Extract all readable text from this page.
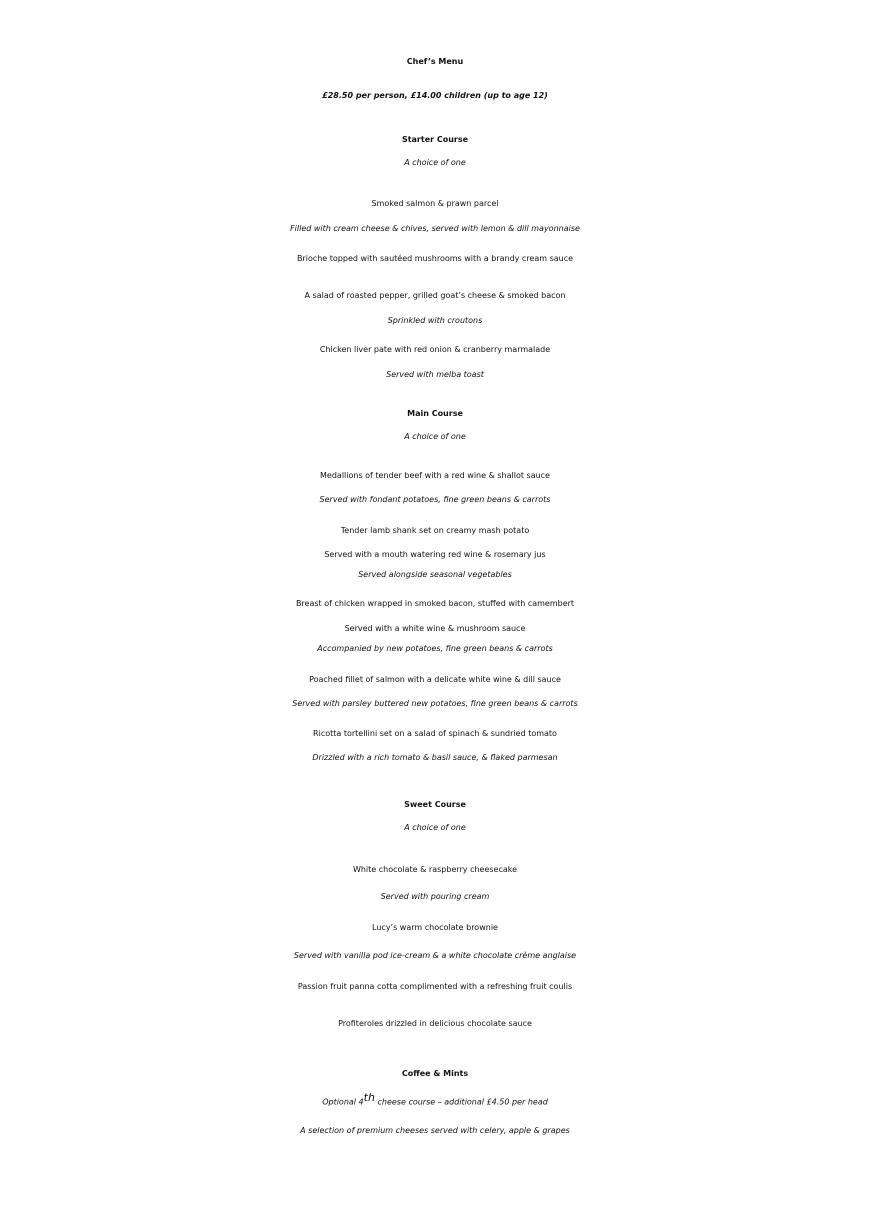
Chef’s Menu

£28.50 per person, £14.00 children (up to age 12)

Starter Course

A choice of one

Smoked salmon & prawn parcel

Filled with cream cheese & chives, served with lemon & dill mayonnaise

Brioche topped with sautéed mushrooms with a brandy cream sauce

A salad of roasted pepper, grilled goat’s cheese & smoked bacon

Sprinkled with croutons

Chicken liver pate with red onion & cranberry marmalade

Served with melba toast

Main Course

A choice of one

Medallions of tender beef with a red wine & shallot sauce

Served with fondant potatoes, fine green beans & carrots

Tender lamb shank set on creamy mash potato

Served with a mouth watering red wine & rosemary jus

Served alongside seasonal vegetables

Breast of chicken wrapped in smoked bacon, stuffed with camembert

Served with a white wine & mushroom sauce

Accompanied by new potatoes, fine green beans & carrots

Poached fillet of salmon with a delicate white wine & dill sauce

Served with parsley buttered new potatoes, fine green beans & carrots

Ricotta tortellini set on a salad of spinach & sundried tomato

Drizzled with a rich tomato & basil sauce, & flaked parmesan

Sweet Course

A choice of one

White chocolate & raspberry cheesecake

Served with pouring cream

Lucy’s warm chocolate brownie

Served with vanilla pod ice-cream & a white chocolate crème anglaise

Passion fruit panna cotta complimented with a refreshing fruit coulis

Profiteroles drizzled in delicious chocolate sauce

Coffee & Mints

Optional 4th cheese course – additional £4.50 per head

A selection of premium cheeses served with celery, apple & grapes
